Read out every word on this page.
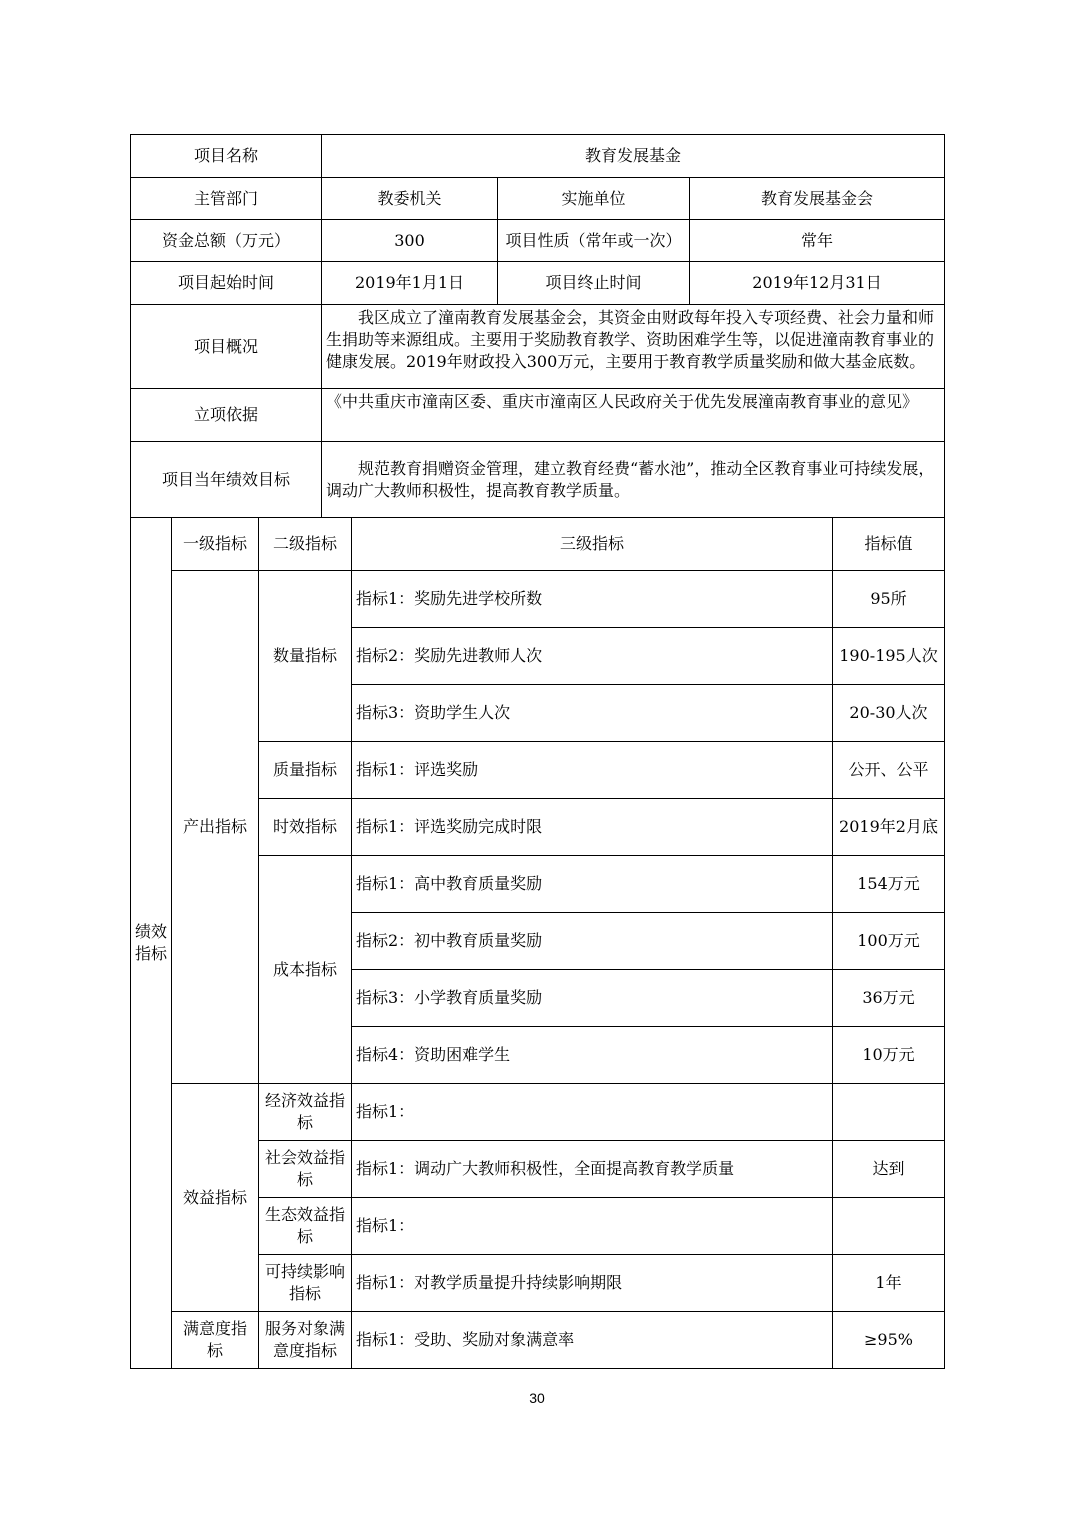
项目名称	教育发展基金		
主管部门	教委机关	实施单位	教育发展基金会
资金总额（万元）	300	项目性质（常年或一次）	常年
项目起始时间	2019年1月1日	项目终止时间	2019年12月31日
项目概况	我区成立了潼南教育发展基金会，其资金由财政每年投入专项经费、社会力量和师生捐助等来源组成。主要用于奖励教育教学、资助困难学生等，以促进潼南教育事业的健康发展。2019年财政投入300万元，主要用于教育教学质量奖励和做大基金底数。		

立项依据	《中共重庆市潼南区委、重庆市潼南区人民政府关于优先发展潼南教育事业的意见》		
项目当年绩效目标	规范教育捐赠资金管理，建立教育经费“蓄水池”，推动全区教育事业可持续发展，调动广大教师积极性，提高教育教学质量。		
绩效
指标	一级指标	二级指标	三级指标	指标值
	产出指标	数量指标	指标1：奖励先进学校所数	95所
			指标2：奖励先进教师人次	190-195人次
			指标3：资助学生人次	20-30人次
		质量指标	指标1：评选奖励	公开、公平
		时效指标	指标1：评选奖励完成时限	2019年2月底
		成本指标	指标1：高中教育质量奖励	154万元
			指标2：初中教育质量奖励	100万元
			指标3：小学教育质量奖励	36万元
			指标4：资助困难学生	10万元
	效益指标	经济效益指标	指标1：	
		社会效益指标	指标1：调动广大教师积极性，全面提高教育教学质量	达到
		生态效益指标	指标1：	
		可持续影响指标	指标1：对教学质量提升持续影响期限	1年
	满意度指标	服务对象满意度指标	指标1：受助、奖励对象满意率	≥95%
30
